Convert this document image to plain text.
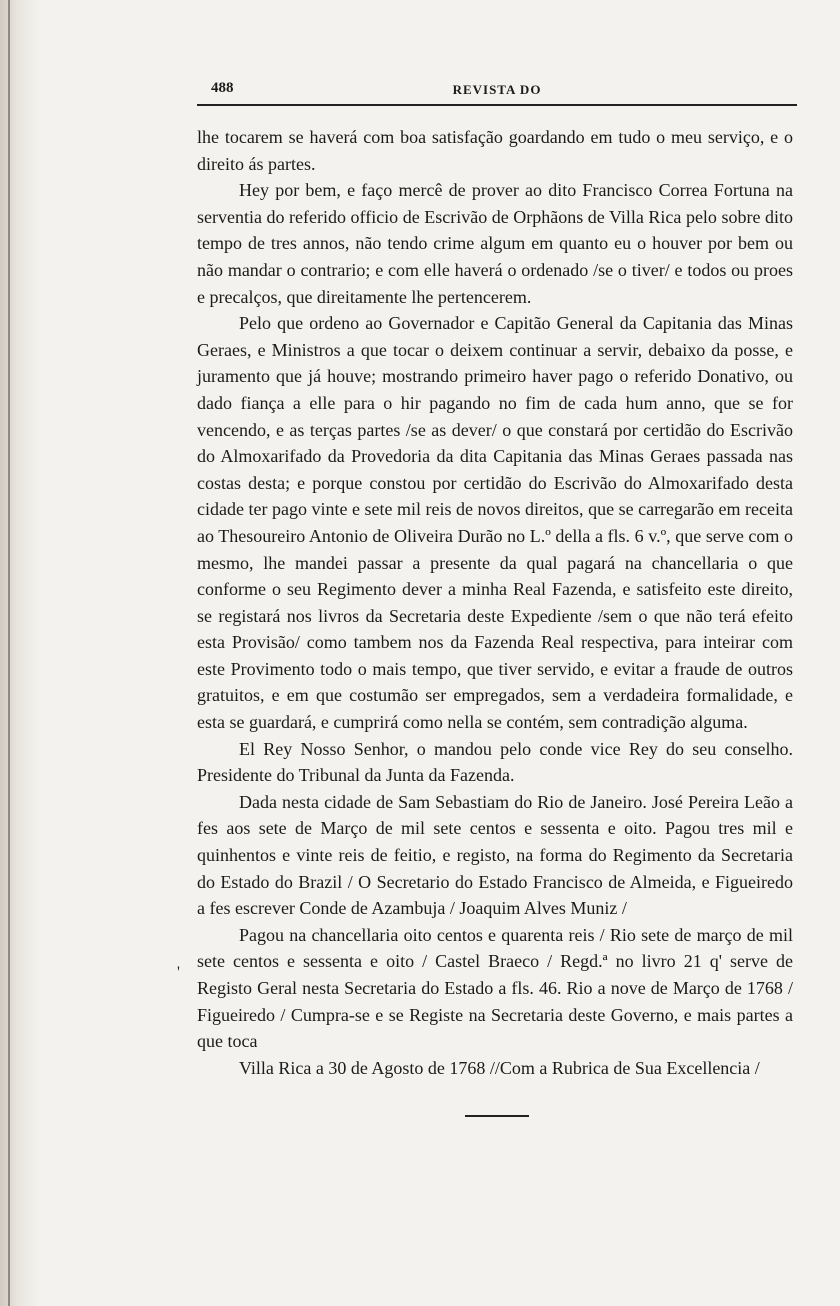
488	REVISTA DO

lhe tocarem se haverá com boa satisfação goardando em tudo o meu serviço, e o direito ás partes.

Hey por bem, e faço mercê de prover ao dito Francisco Correa Fortuna na serventia do referido officio de Escrivão de Orphãons de Villa Rica pelo sobre dito tempo de tres annos, não tendo crime algum em quanto eu o houver por bem ou não mandar o contrario; e com elle haverá o ordenado /se o tiver/ e todos ou proes e precalços, que direitamente lhe pertencerem.

Pelo que ordeno ao Governador e Capitão General da Capitania das Minas Geraes, e Ministros a que tocar o deixem continuar a servir, debaixo da posse, e juramento que já houve; mostrando primeiro haver pago o referido Donativo, ou dado fiança a elle para o hir pagando no fim de cada hum anno, que se for vencendo, e as terças partes /se as dever/ o que constará por certidão do Escrivão do Almoxarifado da Provedoria da dita Capitania das Minas Geraes passada nas costas desta; e porque constou por certidão do Escrivão do Almoxarifado desta cidade ter pago vinte e sete mil reis de novos direitos, que se carregarão em receita ao Thesoureiro Antonio de Oliveira Durão no L.º della a fls. 6 v.º, que serve com o mesmo, lhe mandei passar a presente da qual pagará na chancellaria o que conforme o seu Regimento dever a minha Real Fazenda, e satisfeito este direito, se registará nos livros da Secretaria deste Expediente /sem o que não terá efeito esta Provisão/ como tambem nos da Fazenda Real respectiva, para inteirar com este Provimento todo o mais tempo, que tiver servido, e evitar a fraude de outros gratuitos, e em que costumão ser empregados, sem a verdadeira formalidade, e esta se guardará, e cumprirá como nella se contém, sem contradição alguma.

El Rey Nosso Senhor, o mandou pelo conde vice Rey do seu conselho. Presidente do Tribunal da Junta da Fazenda.

Dada nesta cidade de Sam Sebastiam do Rio de Janeiro. José Pereira Leão a fes aos sete de Março de mil sete centos e sessenta e oito. Pagou tres mil e quinhentos e vinte reis de feitio, e registo, na forma do Regimento da Secretaria do Estado do Brazil / O Secretario do Estado Francisco de Almeida, e Figueiredo a fes escrever Conde de Azambuja / Joaquim Alves Muniz /

Pagou na chancellaria oito centos e quarenta reis / Rio sete de março de mil sete centos e sessenta e oito / Castel Braeco / Regd.ª no livro 21 q' serve de Registo Geral nesta Secretaria do Estado a fls. 46. Rio a nove de Março de 1768 / Figueiredo / Cumpra-se e se Registe na Secretaria deste Governo, e mais partes a que toca

Villa Rica a 30 de Agosto de 1768 //Com a Rubrica de Sua Excellencia /

'
